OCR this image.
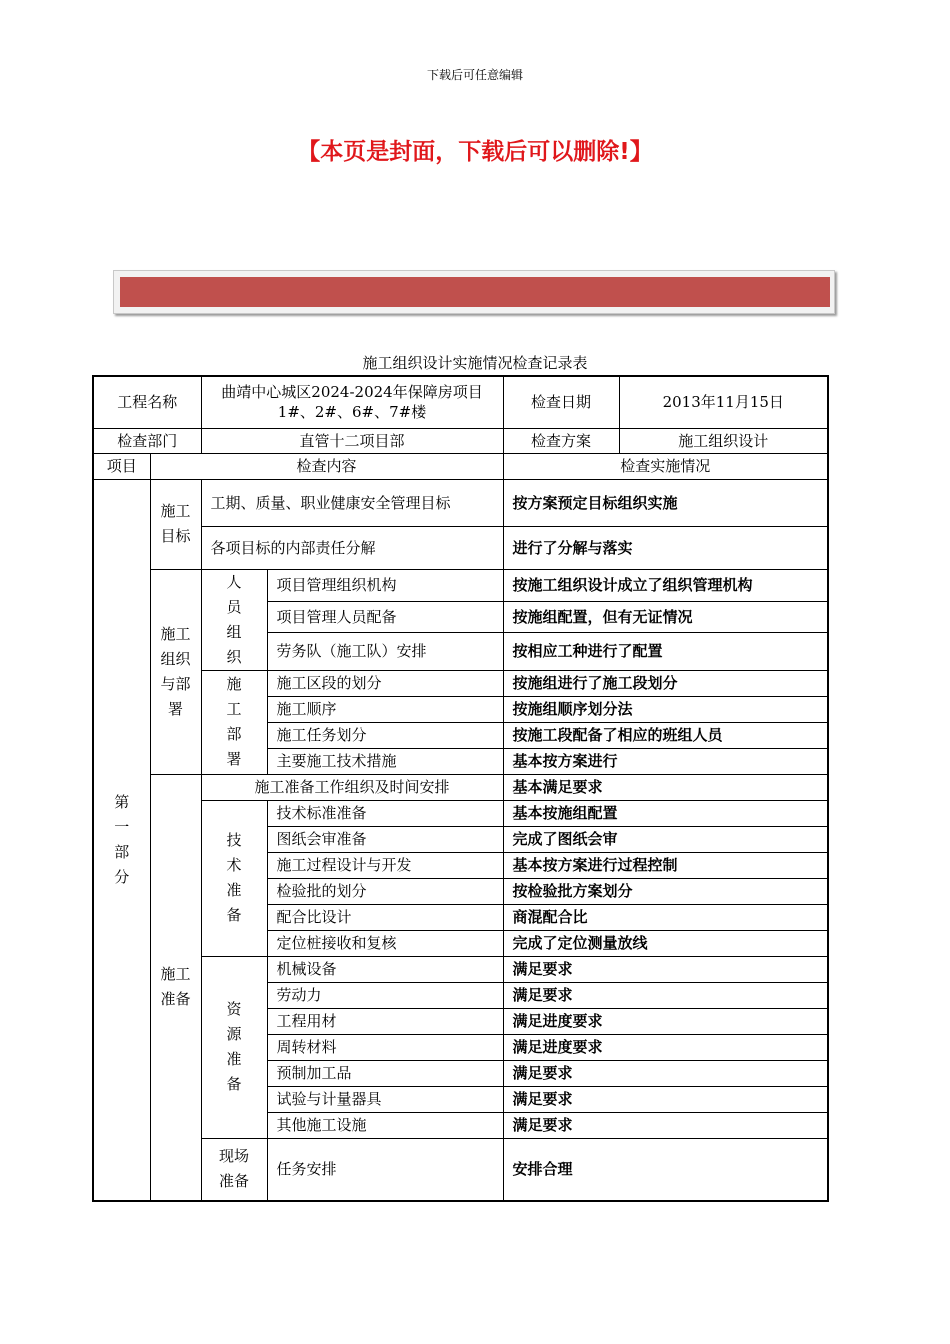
下载后可任意编辑
【本页是封面，下载后可以删除!】
施工组织设计实施情况检查记录表
工程名称		曲靖中心城区2024-2024年保障房项目1#、2#、6#、7#楼		检查日期	2013年11月15日
检查部门		直管十二项目部		检查方案	施工组织设计
项目	检查内容			检查实施情况	

第一部分	施工目标	工期、质量、职业健康安全管理目标		按方案预定目标组织实施	
		各项目标的内部责任分解		进行了分解与落实	

	施工组织与部署	人员组织	项目管理组织机构	按施工组织设计成立了组织管理机构	
			项目管理人员配备	按施组配置，但有无证情况	
			劳务队（施工队）安排	按相应工种进行了配置	

		施工部署	施工区段的划分	按施组进行了施工段划分	
			施工顺序	按施组顺序划分法	
			施工任务划分	按施工段配备了相应的班组人员	
			主要施工技术措施	基本按方案进行	

	施工准备	施工准备工作组织及时间安排		基本满足要求	

		技术准备	技术标准准备	基本按施组配置	
			图纸会审准备	完成了图纸会审	
			施工过程设计与开发	基本按方案进行过程控制	
			检验批的划分	按检验批方案划分	
			配合比设计	商混配合比	
			定位桩接收和复核	完成了定位测量放线	

		资源准备	机械设备	满足要求	
			劳动力	满足要求	
			工程用材	满足进度要求	
			周转材料	满足进度要求	
			预制加工品	满足要求	
			试验与计量器具	满足要求	
			其他施工设施	满足要求	

		现场准备	任务安排	安排合理	
